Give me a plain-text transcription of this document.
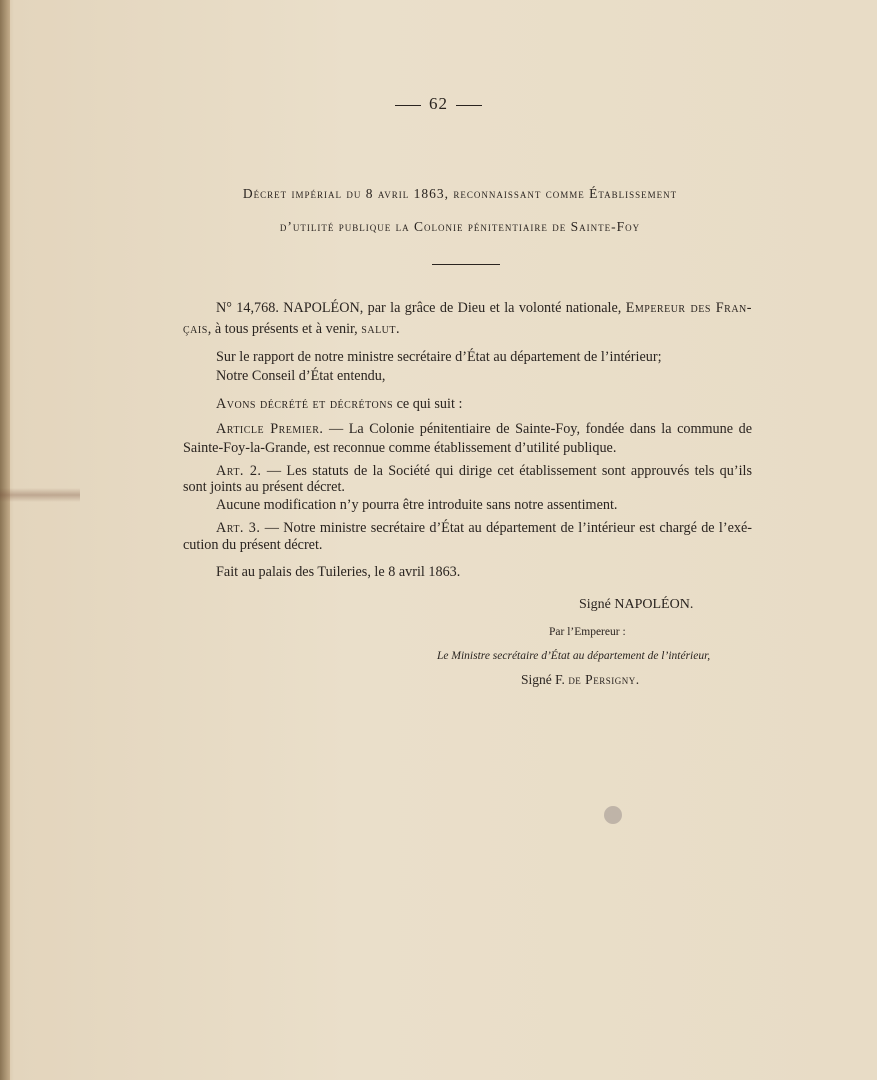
62
Décret impérial du 8 avril 1863, reconnaissant comme Établissement
d’utilité publique la Colonie pénitentiaire de Sainte-Foy
N° 14,768. NAPOLÉON, par la grâce de Dieu et la volonté nationale, Empereur des Fran-
çais, à tous présents et à venir, salut.
Sur le rapport de notre ministre secrétaire d’État au département de l’intérieur;
Notre Conseil d’État entendu,
Avons décrété et décrétons ce qui suit :
Article Premier. — La Colonie pénitentiaire de Sainte-Foy, fondée dans la commune de
Sainte-Foy-la-Grande, est reconnue comme établissement d’utilité publique.
Art. 2. — Les statuts de la Société qui dirige cet établissement sont approuvés tels qu’ils
sont joints au présent décret.
Aucune modification n’y pourra être introduite sans notre assentiment.
Art. 3. — Notre ministre secrétaire d’État au département de l’intérieur est chargé de l’exé-
cution du présent décret.
Fait au palais des Tuileries, le 8 avril 1863.
Signé NAPOLÉON.
Par l’Empereur :
Le Ministre secrétaire d’État au département de l’intérieur,
Signé F. de Persigny.
